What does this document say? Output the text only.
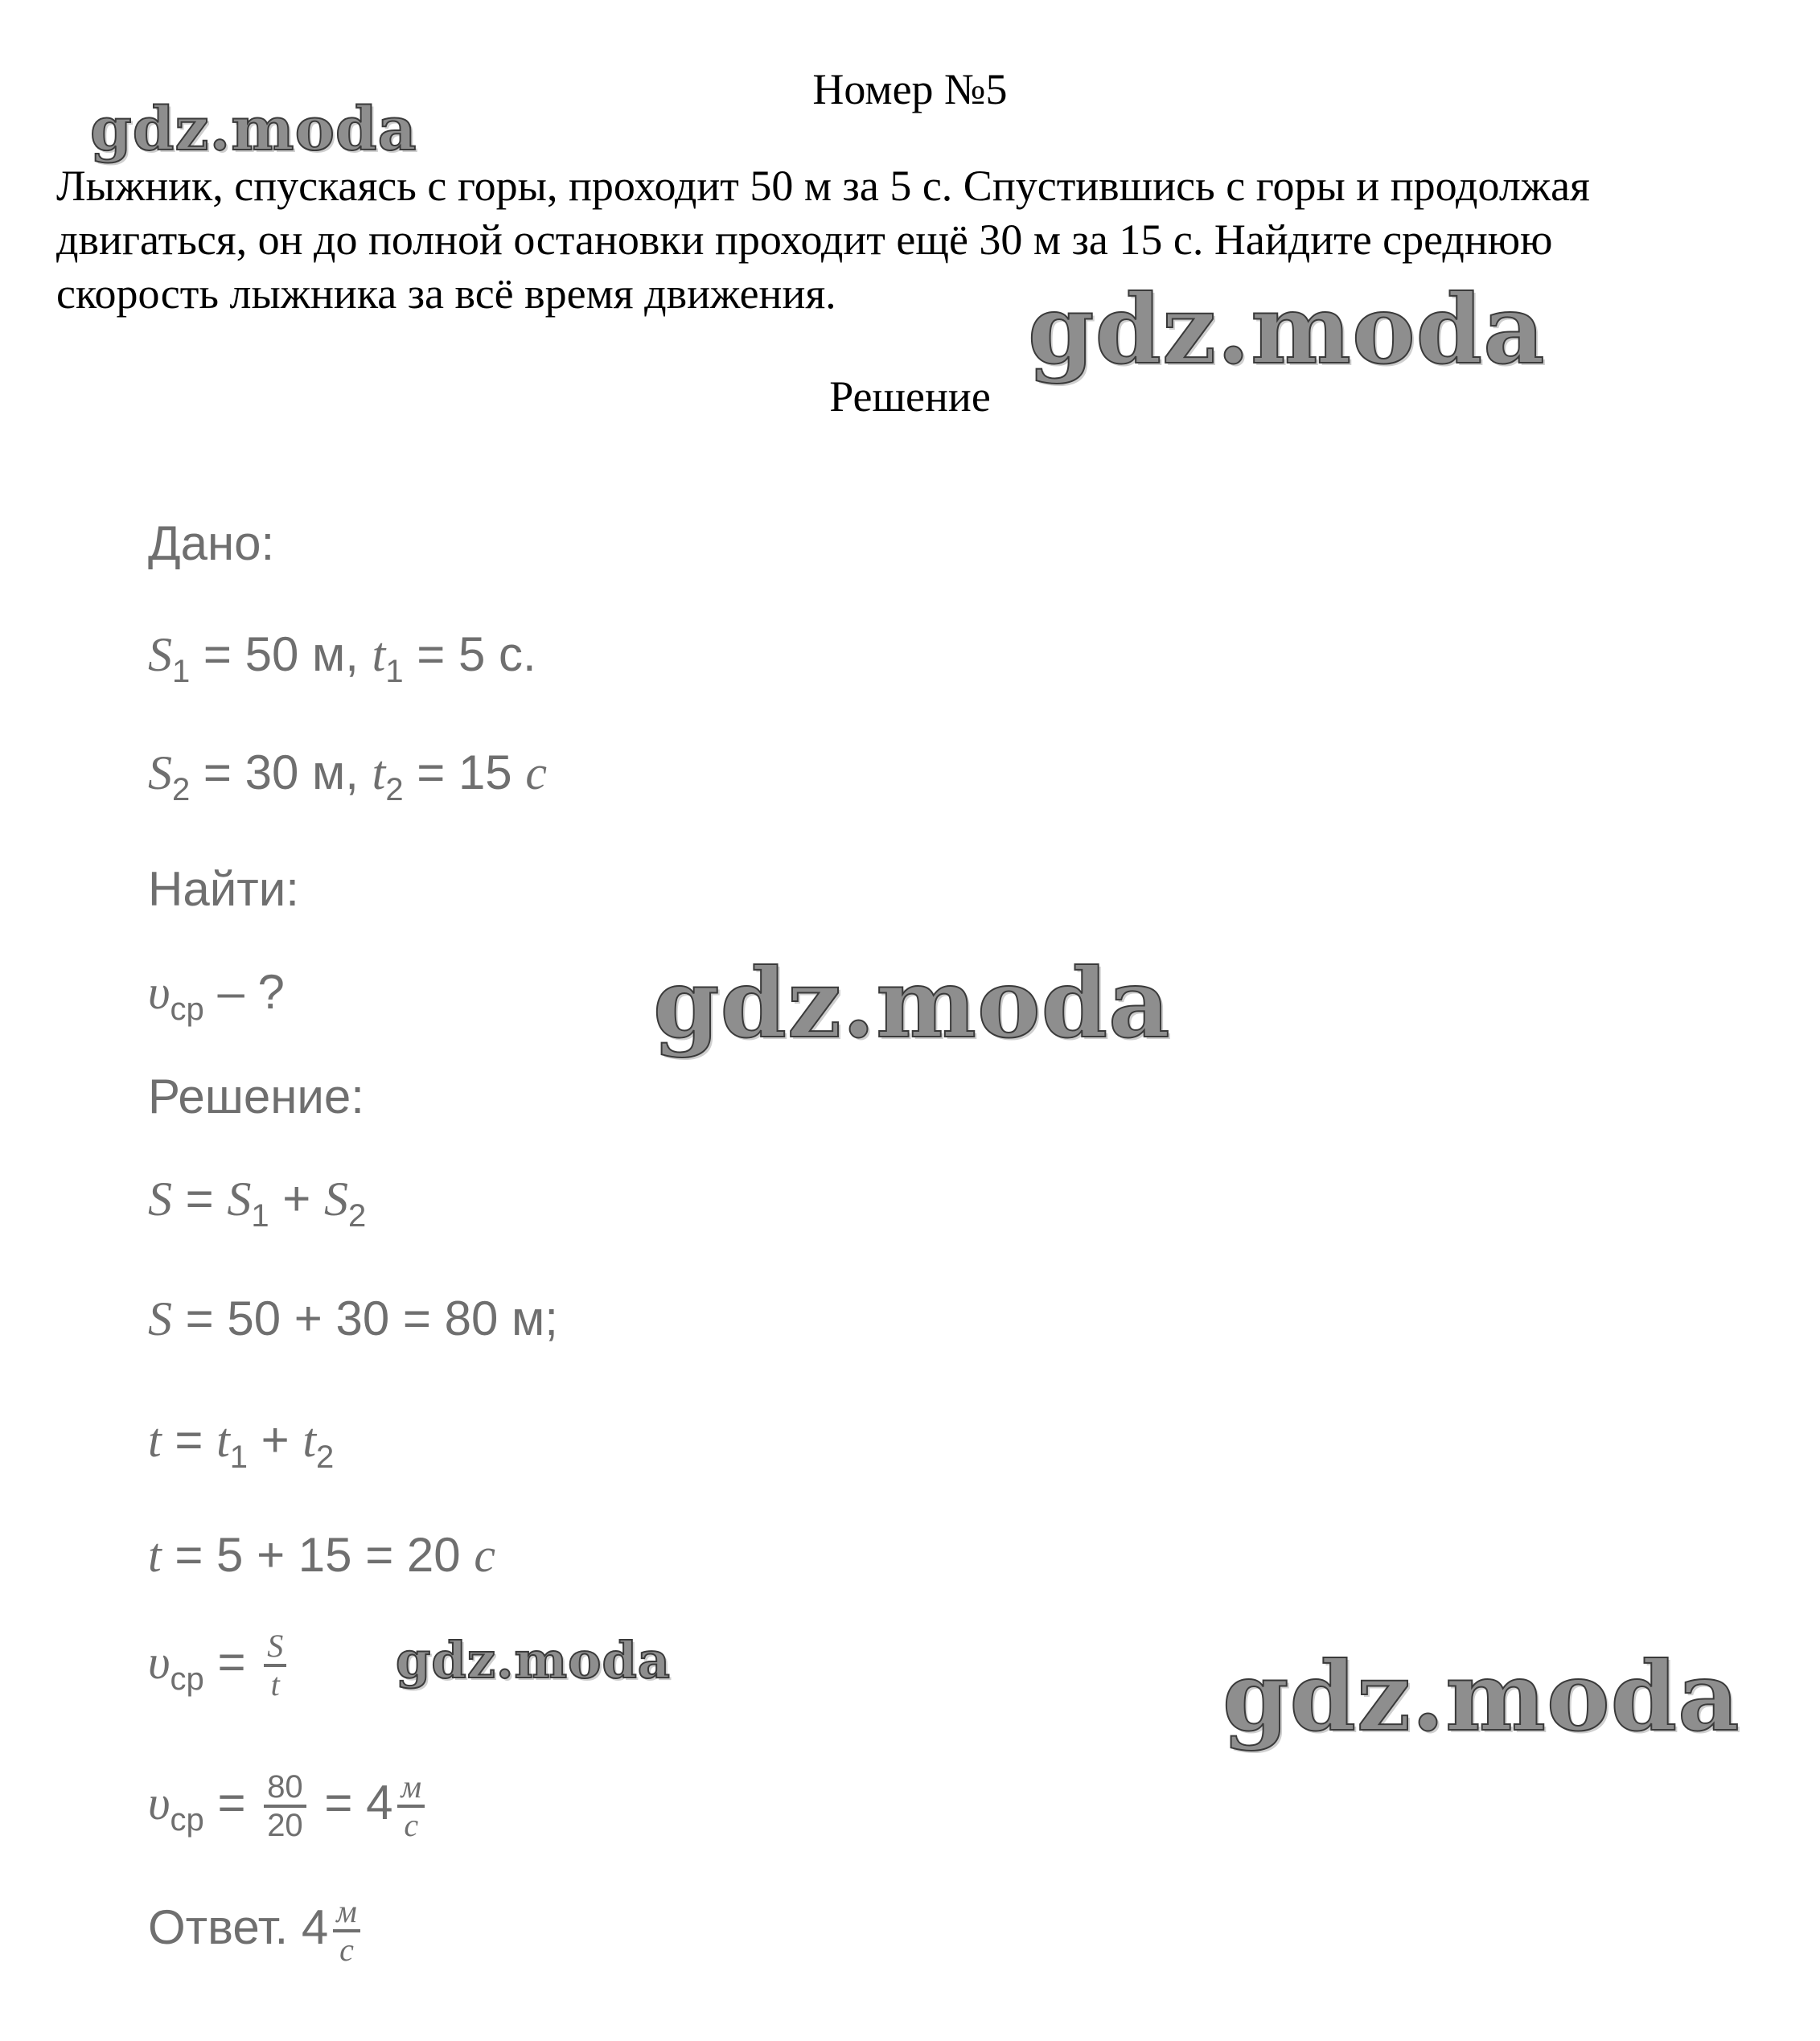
Номер №5
Лыжник, спускаясь с горы, проходит 50 м за 5 с. Спустившись с горы и продолжая
двигаться, он до полной остановки проходит ещё 30 м за 15 с. Найдите среднюю
скорость лыжника за всё время движения.
Решение
Дано:
$S_1 = 50$ м, $t_1 = 5$ с.
$S_2 = 30$ м, $t_2 = 15$ с
Найти:
$\upsilon_{ср}$ – ?
Решение:
$S = S_1 + S_2$
S = 50 + 30 = 80 м;
$t = t_1 + t_2$
t = 5 + 15 = 20 с
$\upsilon_{ср} = \frac{S}{t}$
$\upsilon_{ср} = \frac{80}{20} = 4 \frac{м}{с}$
Ответ. $4 \frac{м}{с}$
gdz.moda
gdz.moda
gdz.moda
gdz.moda	gdz.moda
